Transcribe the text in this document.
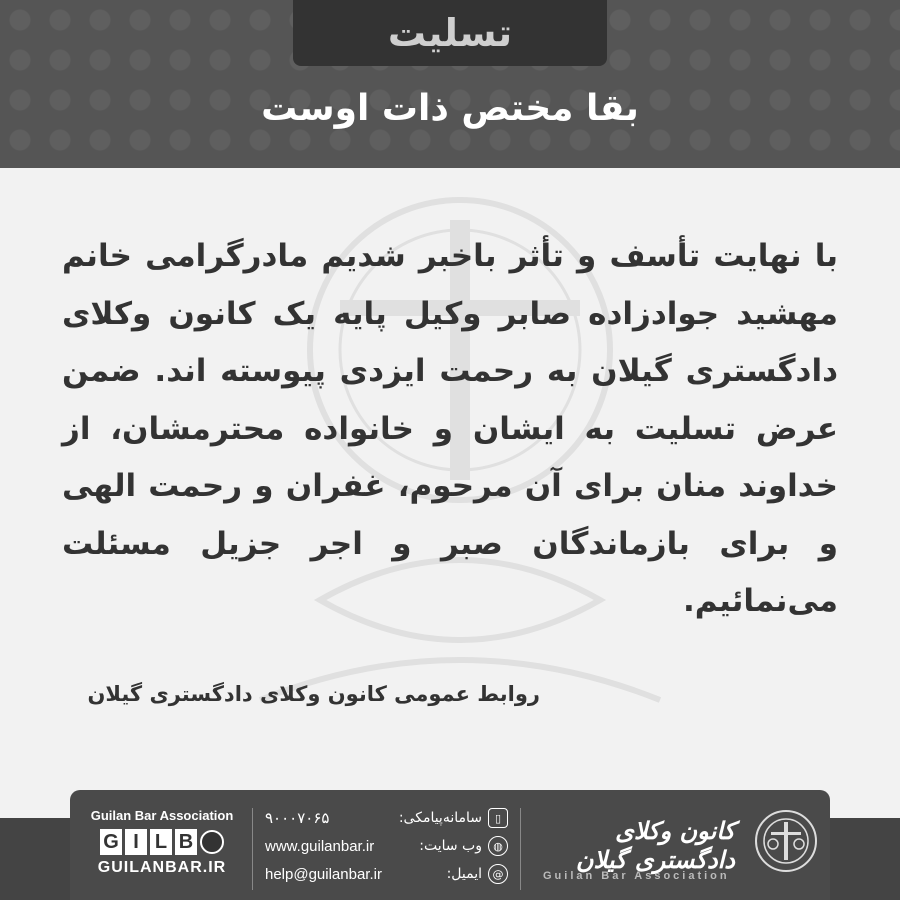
تسلیت
بقا مختص ذات اوست
با نهایت تأسف و تأثر باخبر شدیم مادرگرامی خانم مهشید جوادزاده صابر وکیل پایه یک کانون وکلای دادگستری گیلان به رحمت ایزدی پیوسته اند. ضمن عرض تسلیت به ایشان و خانواده محترمشان، از خداوند منان برای آن مرحوم، غفران و رحمت الهی و برای بازماندگان صبر و اجر جزیل مسئلت می‌نمائیم.
روابط عمومی کانون وکلای دادگستری گیلان
Guilan Bar Association
G I L B
GUILANBAR.IR
۹۰۰۰۷۰۶۵	سامانه‌پیامکی:	▯
www.guilanbar.ir	وب سایت:	◍
help@guilanbar.ir	ایمیل: @
کانون وکلای دادگستری گیلان
Guilan Bar Association
